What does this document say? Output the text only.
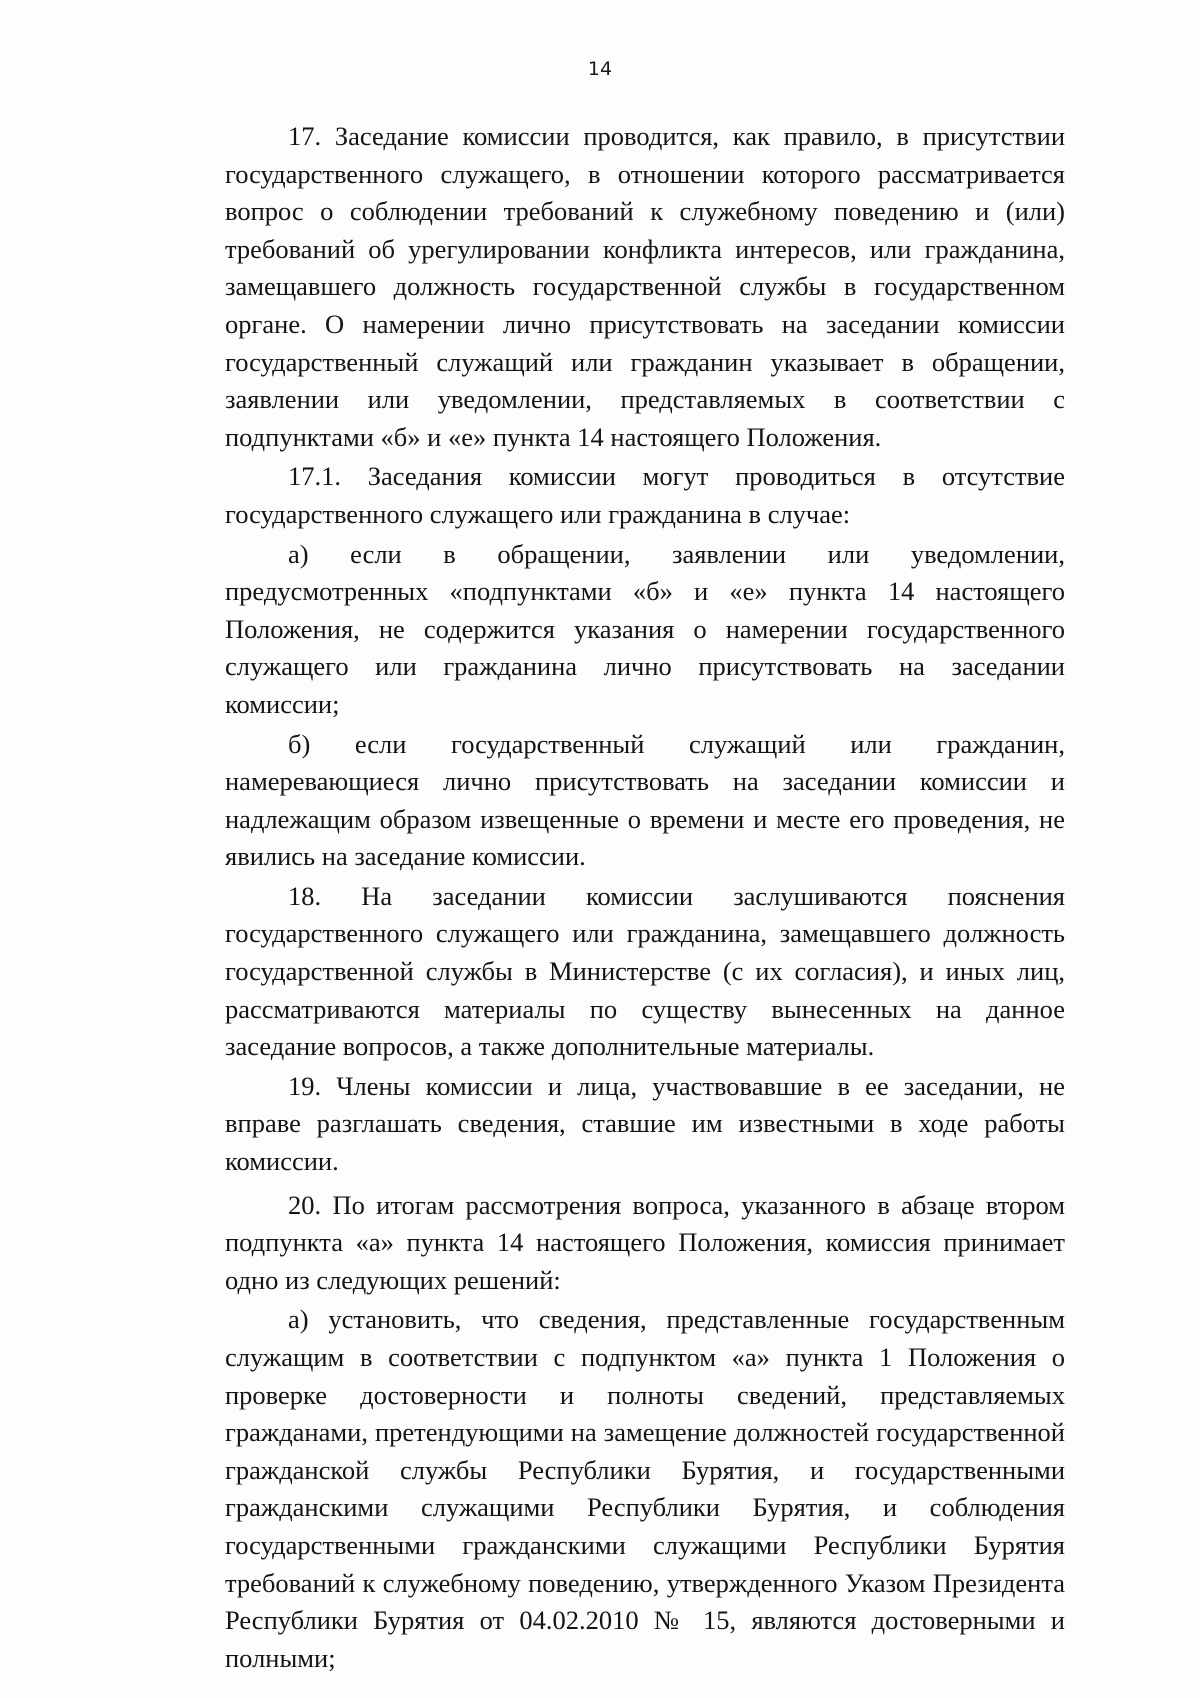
14

17. Заседание комиссии проводится, как правило, в присутствии государственного служащего, в отношении которого рассматривается вопрос о соблюдении требований к служебному поведению и (или) требований об урегулировании конфликта интересов, или гражданина, замещавшего должность государственной службы в государственном органе. О намерении лично присутствовать на заседании комиссии государственный служащий или гражданин указывает в обращении, заявлении или уведомлении, представляемых в соответствии с подпунктами «б» и «е» пункта 14 настоящего Положения.

17.1. Заседания комиссии могут проводиться в отсутствие государственного служащего или гражданина в случае:

а) если в обращении, заявлении или уведомлении, предусмотренных «подпунктами «б» и «е» пункта 14 настоящего Положения, не содержится указания о намерении государственного служащего или гражданина лично присутствовать на заседании комиссии;

б) если государственный служащий или гражданин, намеревающиеся лично присутствовать на заседании комиссии и надлежащим образом извещенные о времени и месте его проведения, не явились на заседание комиссии.

18. На заседании комиссии заслушиваются пояснения государственного служащего или гражданина, замещавшего должность государственной службы в Министерстве (с их согласия), и иных лиц, рассматриваются материалы по существу вынесенных на данное заседание вопросов, а также дополнительные материалы.

19. Члены комиссии и лица, участвовавшие в ее заседании, не вправе разглашать сведения, ставшие им известными в ходе работы комиссии.

20. По итогам рассмотрения вопроса, указанного в абзаце втором подпункта «а» пункта 14 настоящего Положения, комиссия принимает одно из следующих решений:

а) установить, что сведения, представленные государственным служащим в соответствии с подпунктом «а» пункта 1 Положения о проверке достоверности и полноты сведений, представляемых гражданами, претендующими на замещение должностей государственной гражданской службы Республики Бурятия, и государственными гражданскими служащими Республики Бурятия, и соблюдения государственными гражданскими служащими Республики Бурятия требований к служебному поведению, утвержденного Указом Президента Республики Бурятия от 04.02.2010 № 15, являются достоверными и полными;
